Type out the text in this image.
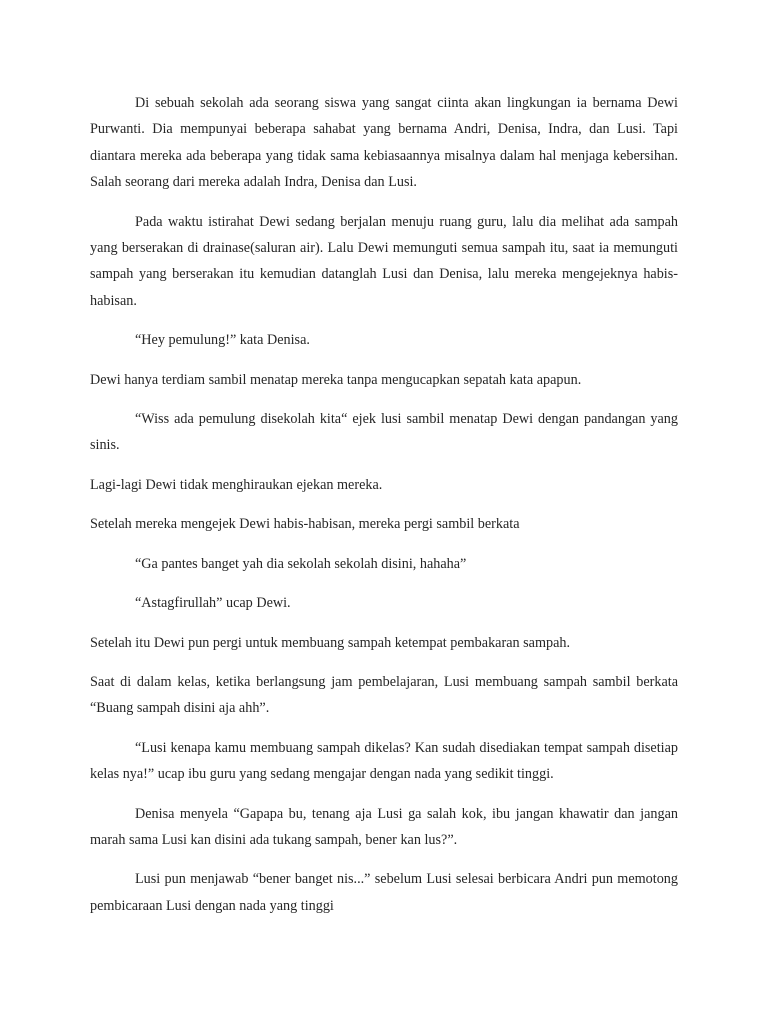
Di sebuah sekolah ada seorang siswa yang sangat ciinta akan lingkungan ia bernama Dewi Purwanti. Dia mempunyai beberapa sahabat yang bernama Andri, Denisa, Indra, dan Lusi. Tapi diantara mereka ada beberapa yang tidak sama kebiasaannya misalnya dalam hal menjaga kebersihan. Salah seorang dari mereka adalah Indra, Denisa dan Lusi.

Pada waktu istirahat Dewi sedang berjalan menuju ruang guru, lalu dia melihat ada sampah yang berserakan di drainase(saluran air). Lalu Dewi memunguti semua sampah itu, saat ia memunguti sampah yang berserakan itu kemudian datanglah Lusi dan Denisa, lalu mereka mengejeknya habis-habisan.

“Hey pemulung!” kata Denisa.

Dewi hanya terdiam sambil menatap mereka tanpa mengucapkan sepatah kata apapun.

“Wiss ada pemulung disekolah kita“ ejek lusi sambil menatap Dewi dengan pandangan yang sinis.

Lagi-lagi Dewi tidak menghiraukan ejekan mereka.

Setelah mereka mengejek Dewi habis-habisan, mereka pergi sambil berkata

“Ga pantes banget yah dia sekolah sekolah disini, hahaha”

“Astagfirullah” ucap Dewi.

Setelah itu Dewi pun pergi untuk membuang sampah ketempat pembakaran sampah.

Saat di dalam kelas, ketika berlangsung jam pembelajaran, Lusi membuang sampah sambil berkata “Buang sampah disini aja ahh”.

“Lusi kenapa kamu membuang sampah dikelas? Kan sudah disediakan tempat sampah disetiap kelas nya!” ucap ibu guru yang sedang mengajar dengan nada yang sedikit tinggi.

Denisa menyela “Gapapa bu, tenang aja Lusi ga salah kok, ibu jangan khawatir dan jangan marah sama Lusi kan disini ada tukang sampah, bener kan lus?”.

Lusi pun menjawab “bener banget nis...” sebelum Lusi selesai berbicara Andri pun memotong pembicaraan Lusi dengan nada yang tinggi
